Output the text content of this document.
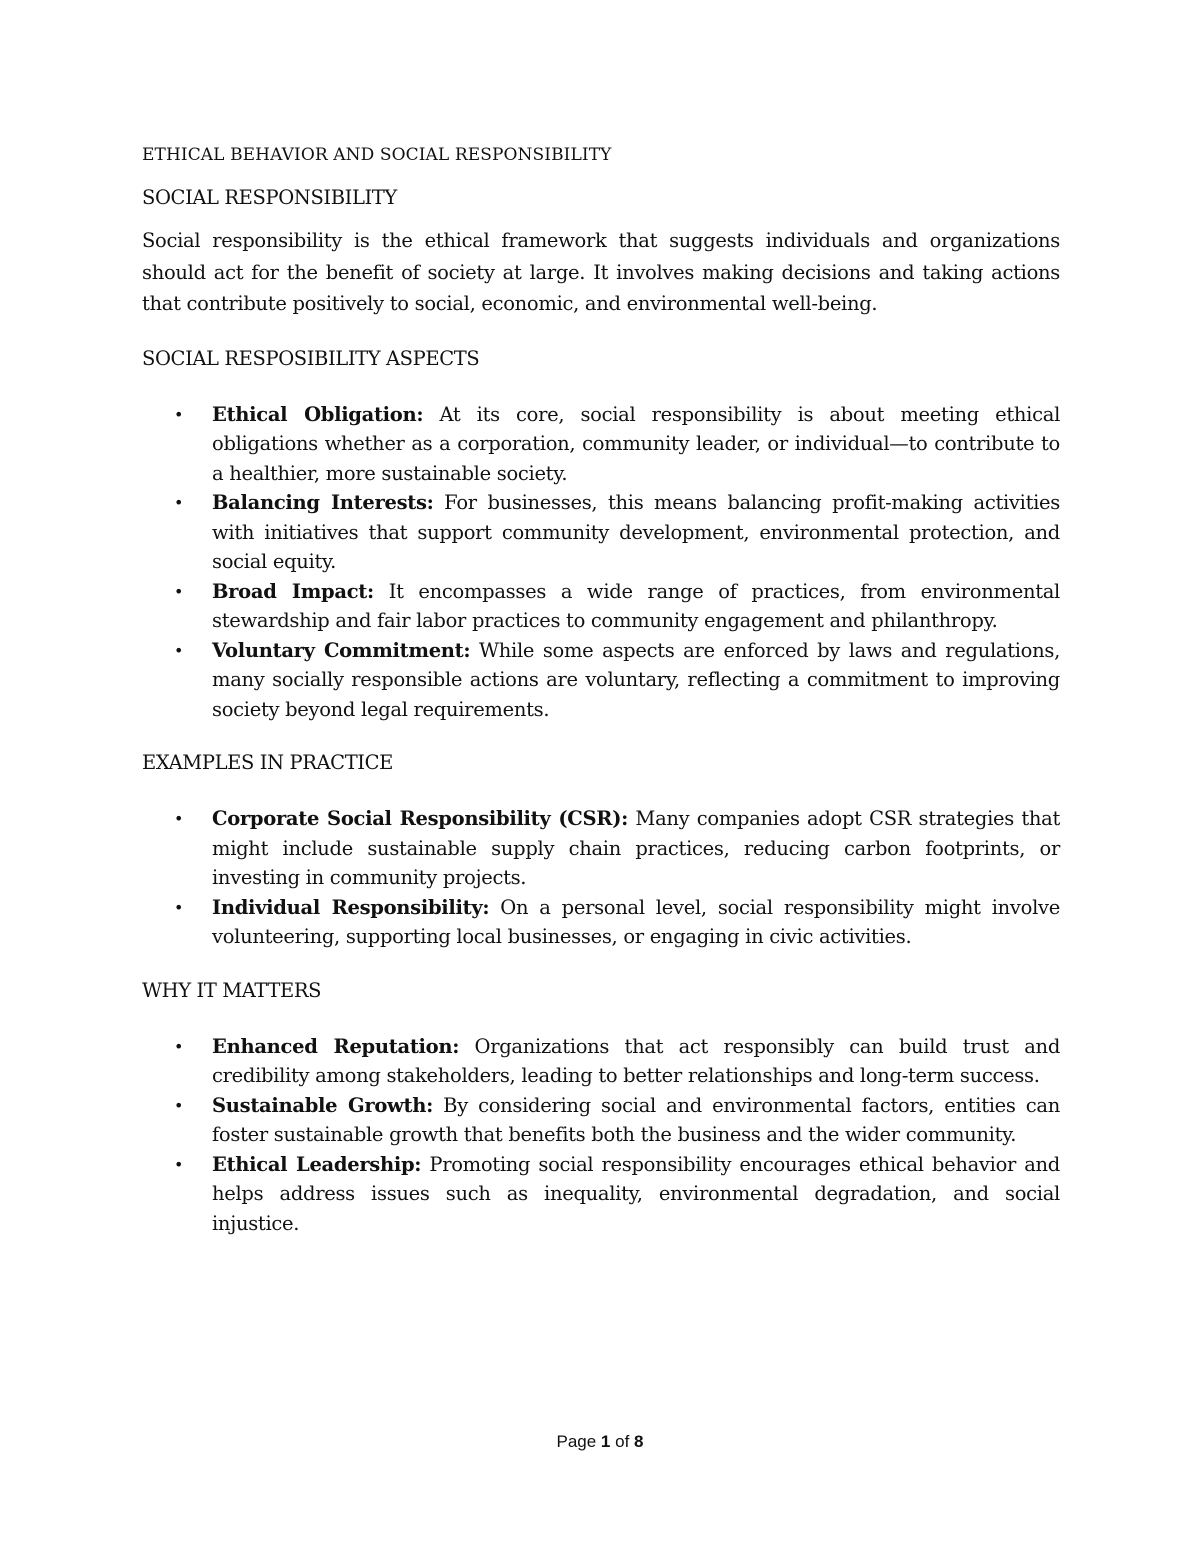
ETHICAL BEHAVIOR AND SOCIAL RESPONSIBILITY
SOCIAL RESPONSIBILITY

Social responsibility is the ethical framework that suggests individuals and organizations should act for the benefit of society at large. It involves making decisions and taking actions that contribute positively to social, economic, and environmental well-being.

SOCIAL RESPOSIBILITY ASPECTS
• Ethical Obligation: At its core, social responsibility is about meeting ethical obligations whether as a corporation, community leader, or individual—to contribute to a healthier, more sustainable society.
• Balancing Interests: For businesses, this means balancing profit-making activities with initiatives that support community development, environmental protection, and social equity.
• Broad Impact: It encompasses a wide range of practices, from environmental stewardship and fair labor practices to community engagement and philanthropy.
• Voluntary Commitment: While some aspects are enforced by laws and regulations, many socially responsible actions are voluntary, reflecting a commitment to improving society beyond legal requirements.
EXAMPLES IN PRACTICE
• Corporate Social Responsibility (CSR): Many companies adopt CSR strategies that might include sustainable supply chain practices, reducing carbon footprints, or investing in community projects.
• Individual Responsibility: On a personal level, social responsibility might involve volunteering, supporting local businesses, or engaging in civic activities.
WHY IT MATTERS
• Enhanced Reputation: Organizations that act responsibly can build trust and credibility among stakeholders, leading to better relationships and long-term success.
• Sustainable Growth: By considering social and environmental factors, entities can foster sustainable growth that benefits both the business and the wider community.
• Ethical Leadership: Promoting social responsibility encourages ethical behavior and helps address issues such as inequality, environmental degradation, and social injustice.
Page 1 of 8
